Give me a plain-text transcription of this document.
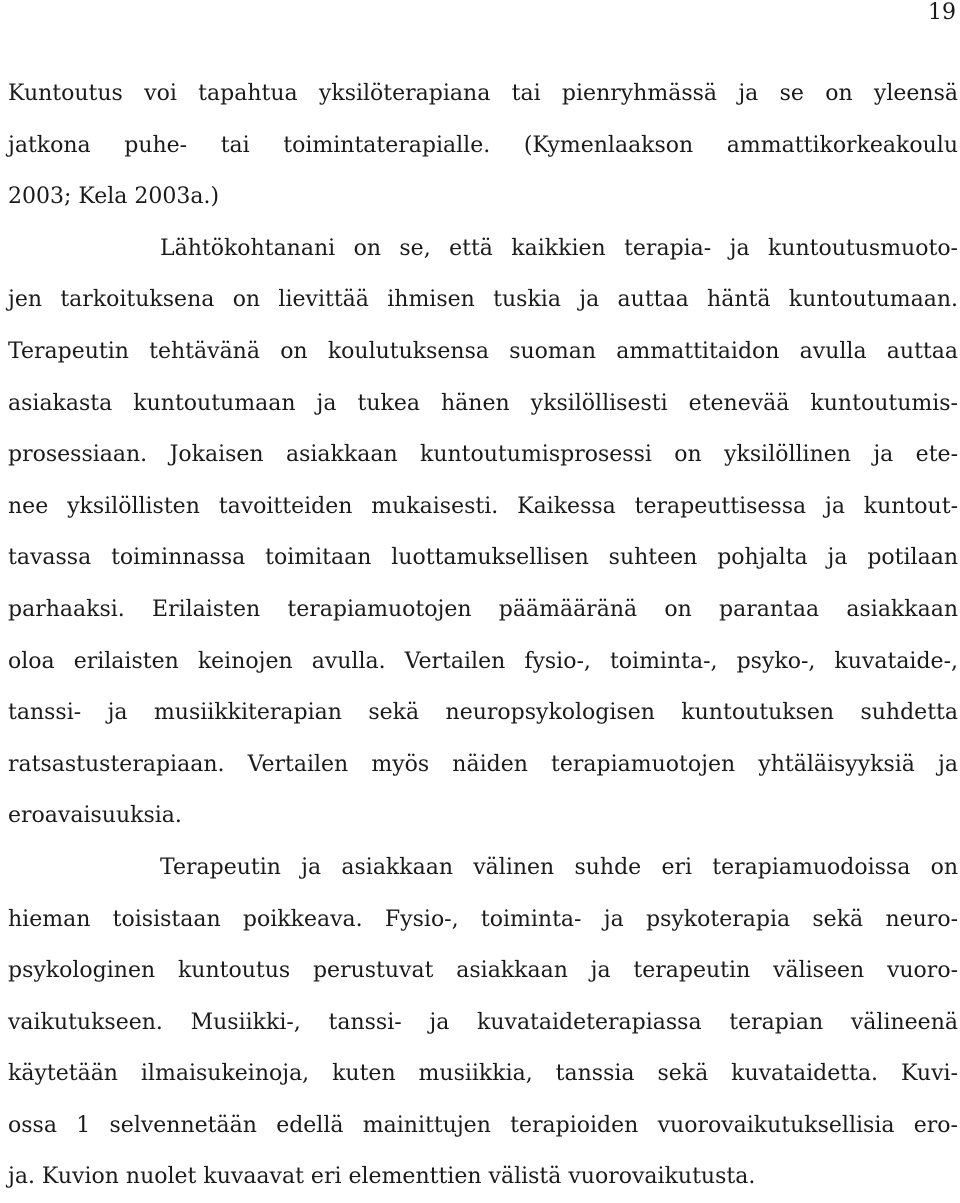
19
Kuntoutus voi tapahtua yksilöterapiana tai pienryhmässä ja se on yleensä
jatkona puhe- tai toimintaterapialle. (Kymenlaakson ammattikorkeakoulu
2003; Kela 2003a.)
Lähtökohtanani on se, että kaikkien terapia- ja kuntoutusmuoto-
jen tarkoituksena on lievittää ihmisen tuskia ja auttaa häntä kuntoutumaan.
Terapeutin tehtävänä on koulutuksensa suoman ammattitaidon avulla auttaa
asiakasta kuntoutumaan ja tukea hänen yksilöllisesti etenevää kuntoutumis-
prosessiaan. Jokaisen asiakkaan kuntoutumisprosessi on yksilöllinen ja ete-
nee yksilöllisten tavoitteiden mukaisesti. Kaikessa terapeuttisessa ja kuntout-
tavassa toiminnassa toimitaan luottamuksellisen suhteen pohjalta ja potilaan
parhaaksi. Erilaisten terapiamuotojen päämääränä on parantaa asiakkaan
oloa erilaisten keinojen avulla. Vertailen fysio-, toiminta-, psyko-, kuvataide-,
tanssi- ja musiikkiterapian sekä neuropsykologisen kuntoutuksen suhdetta
ratsastusterapiaan. Vertailen myös näiden terapiamuotojen yhtäläisyyksiä ja
eroavaisuuksia.
Terapeutin ja asiakkaan välinen suhde eri terapiamuodoissa on
hieman toisistaan poikkeava. Fysio-, toiminta- ja psykoterapia sekä neuro-
psykologinen kuntoutus perustuvat asiakkaan ja terapeutin väliseen vuoro-
vaikutukseen. Musiikki-, tanssi- ja kuvataideterapiassa terapian välineenä
käytetään ilmaisukeinoja, kuten musiikkia, tanssia sekä kuvataidetta. Kuvi-
ossa 1 selvennetään edellä mainittujen terapioiden vuorovaikutuksellisia ero-
ja. Kuvion nuolet kuvaavat eri elementtien välistä vuorovaikutusta.
